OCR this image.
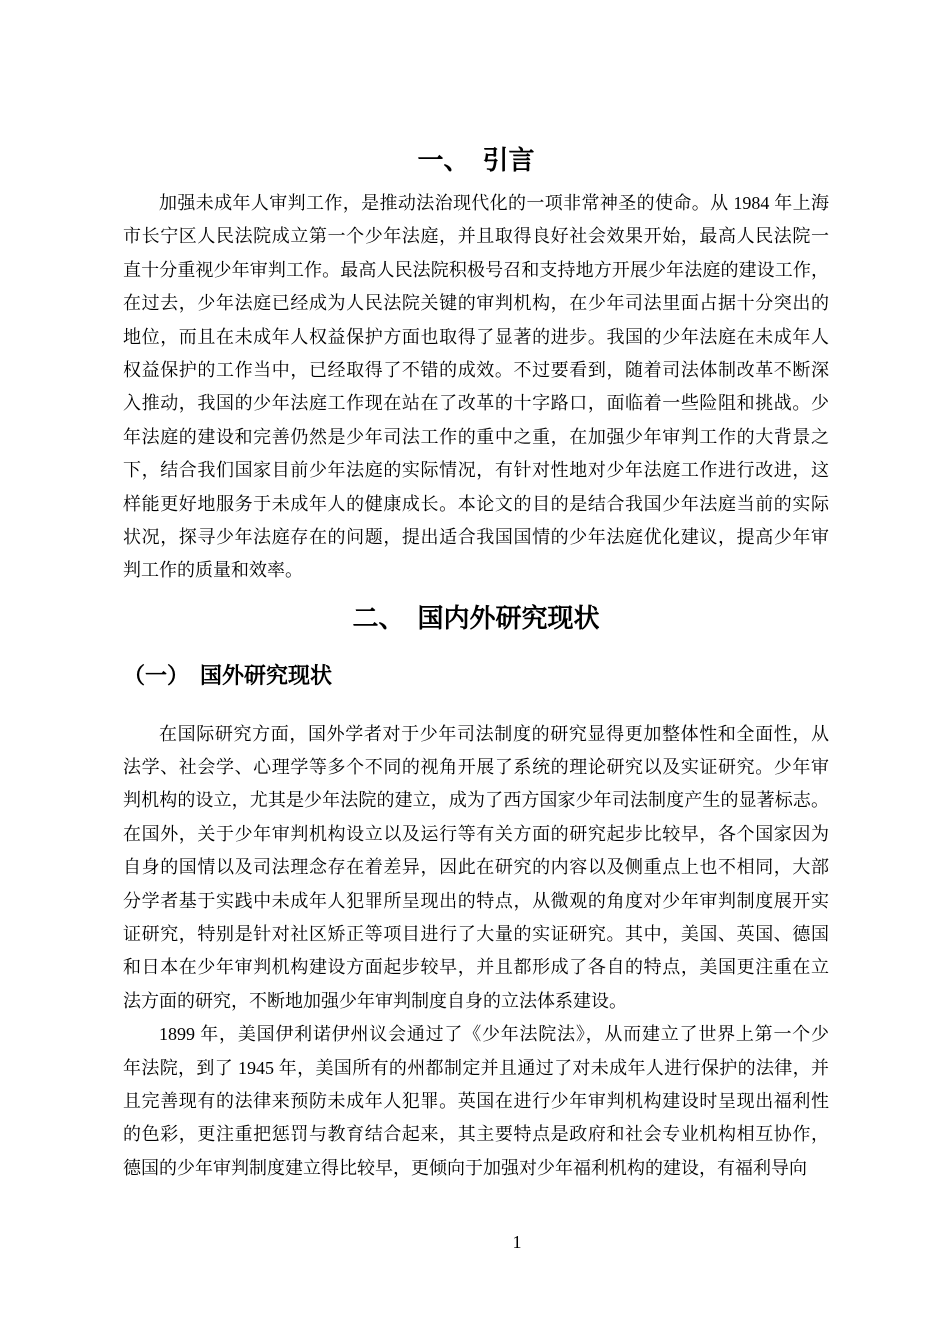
一、 引言
加强未成年人审判工作，是推动法治现代化的一项非常神圣的使命。从 1984 年上海
市长宁区人民法院成立第一个少年法庭，并且取得良好社会效果开始，最高人民法院一
直十分重视少年审判工作。最高人民法院积极号召和支持地方开展少年法庭的建设工作，
在过去，少年法庭已经成为人民法院关键的审判机构，在少年司法里面占据十分突出的
地位，而且在未成年人权益保护方面也取得了显著的进步。我国的少年法庭在未成年人
权益保护的工作当中，已经取得了不错的成效。不过要看到，随着司法体制改革不断深
入推动，我国的少年法庭工作现在站在了改革的十字路口，面临着一些险阻和挑战。少
年法庭的建设和完善仍然是少年司法工作的重中之重，在加强少年审判工作的大背景之
下，结合我们国家目前少年法庭的实际情况，有针对性地对少年法庭工作进行改进，这
样能更好地服务于未成年人的健康成长。本论文的目的是结合我国少年法庭当前的实际
状况，探寻少年法庭存在的问题，提出适合我国国情的少年法庭优化建议，提高少年审
判工作的质量和效率。
二、 国内外研究现状
（一）　国外研究现状
在国际研究方面，国外学者对于少年司法制度的研究显得更加整体性和全面性，从
法学、社会学、心理学等多个不同的视角开展了系统的理论研究以及实证研究。少年审
判机构的设立，尤其是少年法院的建立，成为了西方国家少年司法制度产生的显著标志。
在国外，关于少年审判机构设立以及运行等有关方面的研究起步比较早，各个国家因为
自身的国情以及司法理念存在着差异，因此在研究的内容以及侧重点上也不相同，大部
分学者基于实践中未成年人犯罪所呈现出的特点，从微观的角度对少年审判制度展开实
证研究，特别是针对社区矫正等项目进行了大量的实证研究。其中，美国、英国、德国
和日本在少年审判机构建设方面起步较早，并且都形成了各自的特点，美国更注重在立
法方面的研究，不断地加强少年审判制度自身的立法体系建设。
1899 年，美国伊利诺伊州议会通过了《少年法院法》，从而建立了世界上第一个少
年法院，到了 1945 年，美国所有的州都制定并且通过了对未成年人进行保护的法律，并
且完善现有的法律来预防未成年人犯罪。英国在进行少年审判机构建设时呈现出福利性
的色彩，更注重把惩罚与教育结合起来，其主要特点是政府和社会专业机构相互协作，
德国的少年审判制度建立得比较早，更倾向于加强对少年福利机构的建设，有福利导向
1
